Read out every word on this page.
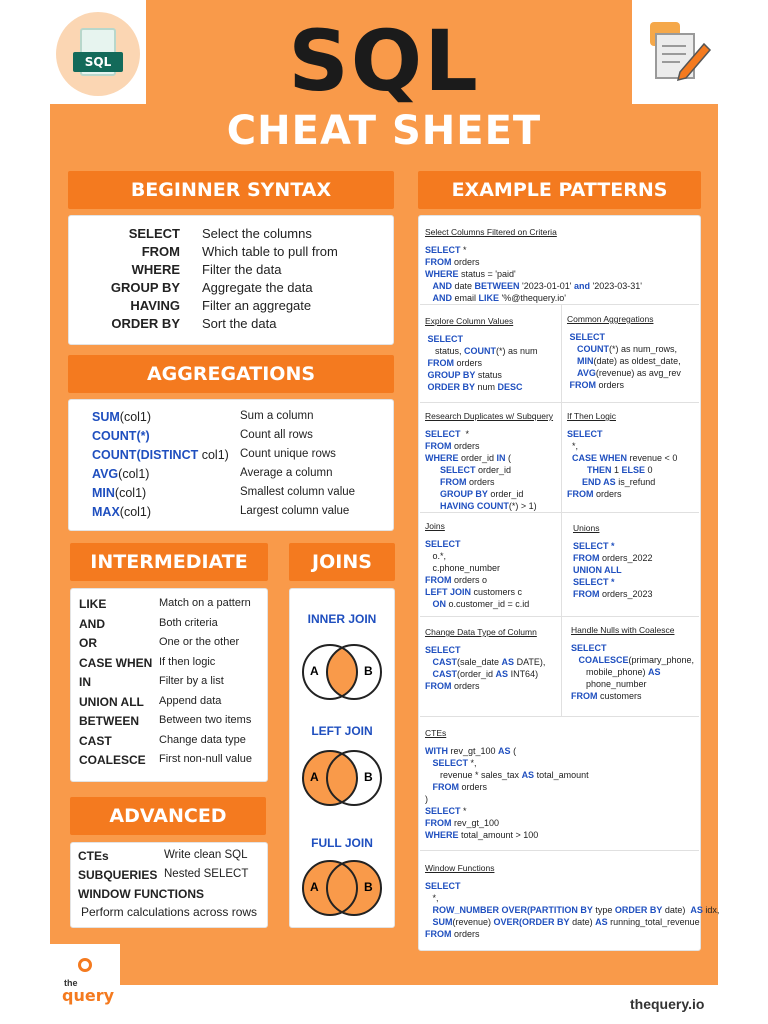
SQL	SQL
CHEAT SHEET
BEGINNER SYNTAX
SELECT Select the columns
FROM Which table to pull from
WHERE Filter the data
GROUP BY Aggregate the data
HAVING Filter an aggregate
ORDER BY Sort the data
AGGREGATIONS
SUM(col1)	Sum a column
COUNT(*)	Count all rows
COUNT(DISTINCT col1) Count unique rows
AVG(col1)	Average a column
MIN(col1)	Smallest column value
MAX(col1)	Largest column value
INTERMEDIATE
LIKE	Match on a pattern
AND	Both criteria
OR	One or the other
CASE WHEN If then logic
IN	Filter by a list
UNION ALL Append data
BETWEEN Between two items
CAST	Change data type
COALESCE First non-null value
JOINS
INNER JOIN
A	B
LEFT JOIN
A	B
FULL JOIN
A	B
ADVANCED
CTEs	Write clean SQL
SUBQUERIES Nested SELECT
WINDOW FUNCTIONS
Perform calculations across rows
EXAMPLE PATTERNS
Select Columns Filtered on Criteria
SELECT *
FROM orders
WHERE status = 'paid'
AND date BETWEEN '2023-01-01' and '2023-03-31'
AND email LIKE '%@thequery.io'
Explore Column Values
SELECT
status, COUNT(*) as num
FROM orders
GROUP BY status
ORDER BY num DESC
Common Aggregations
SELECT
COUNT(*) as num_rows,
MIN(date) as oldest_date,
AVG(revenue) as avg_rev
FROM orders
Research Duplicates w/ Subquery
SELECT  *
FROM orders
WHERE order_id IN (
SELECT order_id
FROM orders
GROUP BY order_id
HAVING COUNT(*) > 1)
If Then Logic
SELECT
*,
CASE WHEN revenue < 0
THEN 1 ELSE 0
END AS is_refund
FROM orders
Joins
SELECT
o.*,
c.phone_number
FROM orders o
LEFT JOIN customers c
ON o.customer_id = c.id
Unions
SELECT *
FROM orders_2022
UNION ALL
SELECT *
FROM orders_2023
Change Data Type of Column
SELECT
CAST(sale_date AS DATE),
CAST(order_id AS INT64)
FROM orders
Handle Nulls with Coalesce
SELECT
COALESCE(primary_phone,
mobile_phone) AS
phone_number
FROM customers
CTEs
WITH rev_gt_100 AS (
SELECT *,
revenue * sales_tax AS total_amount
FROM orders
)
SELECT *
FROM rev_gt_100
WHERE total_amount > 100
Window Functions
SELECT
*,
ROW_NUMBER OVER(PARTITION BY type ORDER BY date)  AS idx,
SUM(revenue) OVER(ORDER BY date) AS running_total_revenue
FROM orders
the
query	thequery.io
